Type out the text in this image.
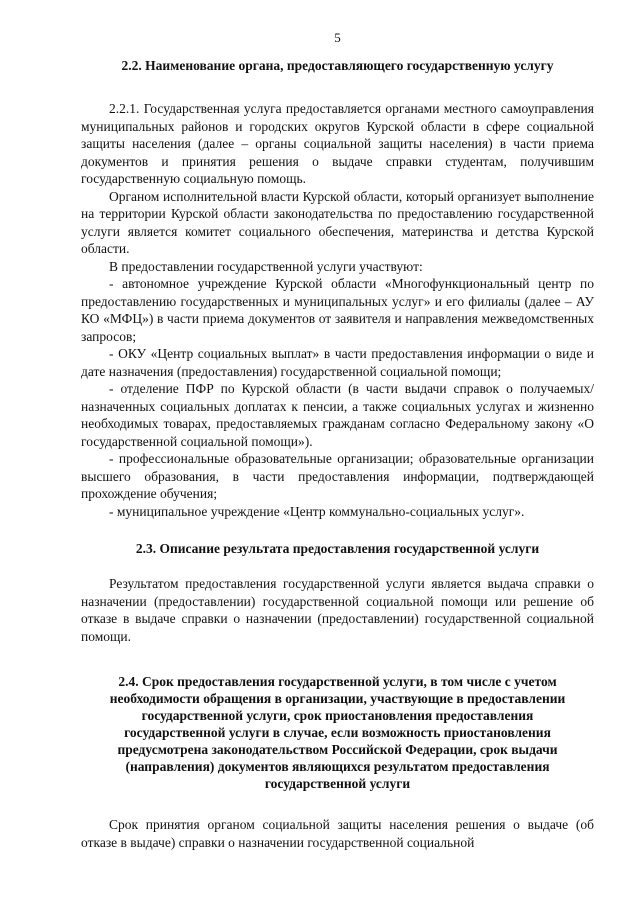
5
2.2. Наименование органа, предоставляющего государственную услугу

2.2.1. Государственная услуга предоставляется органами местного самоуправления муниципальных районов и городских округов Курской области в сфере социальной защиты населения (далее – органы социальной защиты населения) в части приема документов и принятия решения о выдаче справки студентам, получившим государственную социальную помощь.

Органом исполнительной власти Курской области, который организует выполнение на территории Курской области законодательства по предоставлению государственной услуги является комитет социального обеспечения, материнства и детства Курской области.

В предоставлении государственной услуги участвуют:

- автономное учреждение Курской области «Многофункциональный центр по предоставлению государственных и муниципальных услуг» и его филиалы (далее – АУ КО «МФЦ») в части приема документов от заявителя и направления межведомственных запросов;

- ОКУ «Центр социальных выплат» в части предоставления информации о виде и дате назначения (предоставления) государственной социальной помощи;

- отделение ПФР по Курской области (в части выдачи справок о получаемых/назначенных социальных доплатах к пенсии, а также социальных услугах и жизненно необходимых товарах, предоставляемых гражданам согласно Федеральному закону «О государственной социальной помощи»).

- профессиональные образовательные организации; образовательные организации высшего образования, в части предоставления информации, подтверждающей прохождение обучения;

- муниципальное учреждение «Центр коммунально-социальных услуг».

2.3. Описание результата предоставления государственной услуги

Результатом предоставления государственной услуги является выдача справки о назначении (предоставлении) государственной социальной помощи или решение об отказе в выдаче справки о назначении (предоставлении) государственной социальной помощи.

2.4. Срок предоставления государственной услуги, в том числе с учетом необходимости обращения в организации, участвующие в предоставлении государственной услуги, срок приостановления предоставления государственной услуги в случае, если возможность приостановления предусмотрена законодательством Российской Федерации, срок выдачи (направления) документов являющихся результатом предоставления государственной услуги

Срок принятия органом социальной защиты населения решения о выдаче (об отказе в выдаче) справки о назначении государственной социальной
